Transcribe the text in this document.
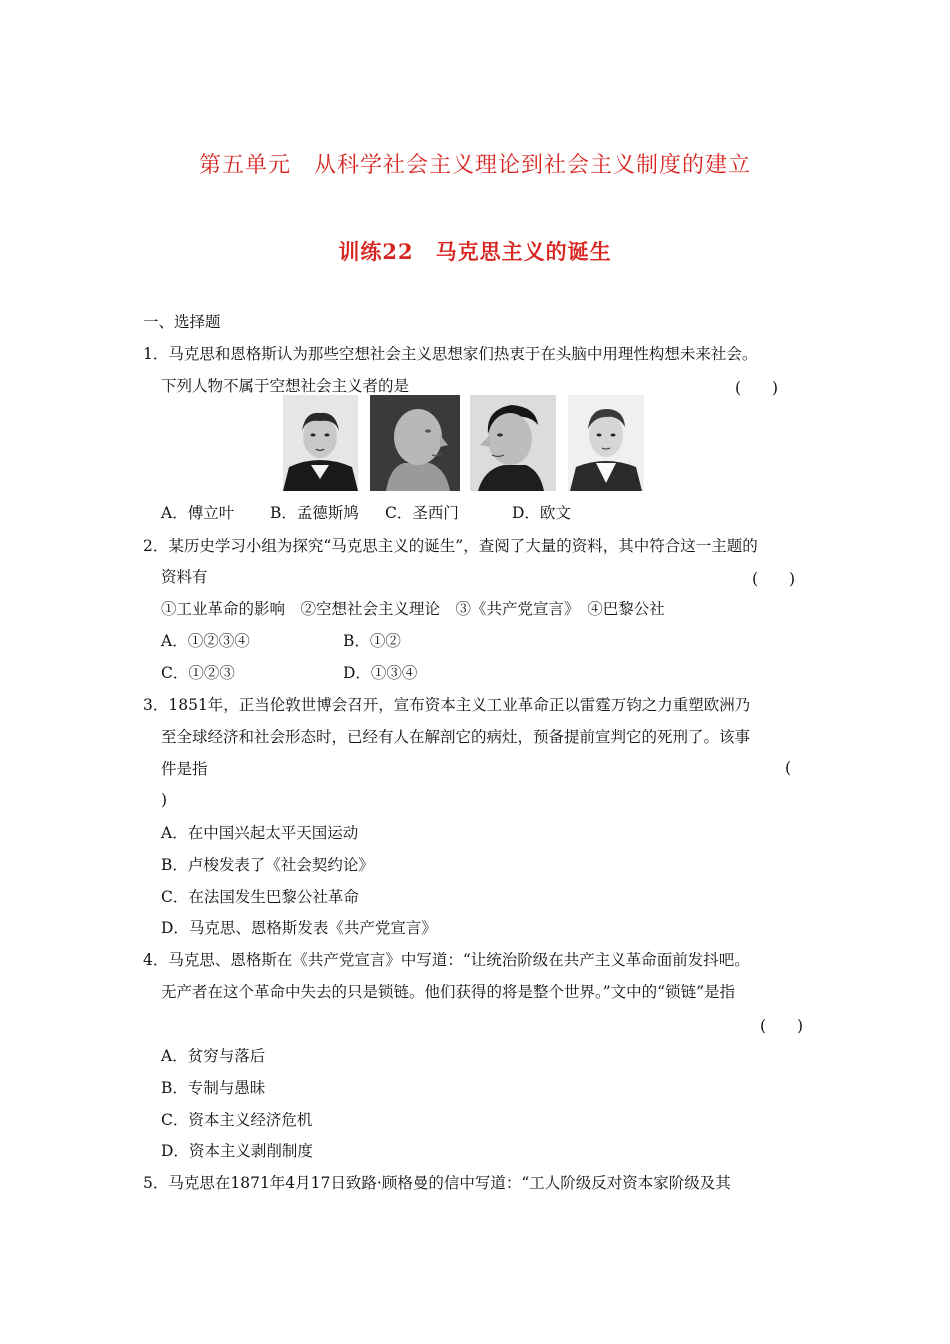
第五单元　从科学社会主义理论到社会主义制度的建立
训练22　马克思主义的诞生
一、选择题
1．马克思和恩格斯认为那些空想社会主义思想家们热衷于在头脑中用理性构想未来社会。
下列人物不属于空想社会主义者的是	(　　)
A．傅立叶 B．孟德斯鸠 C．圣西门	D．欧文
2．某历史学习小组为探究“马克思主义的诞生”，查阅了大量的资料，其中符合这一主题的
资料有	(　　)
①工业革命的影响　②空想社会主义理论　③《共产党宣言》　④巴黎公社
A．①②③④	B．①②
C．①②③	D．①③④
3．1851年，正当伦敦世博会召开，宣布资本主义工业革命正以雷霆万钧之力重塑欧洲乃
至全球经济和社会形态时，已经有人在解剖它的病灶，预备提前宣判它的死刑了。该事
件是指	(
)
A．在中国兴起太平天国运动
B．卢梭发表了《社会契约论》
C．在法国发生巴黎公社革命
D．马克思、恩格斯发表《共产党宣言》
4．马克思、恩格斯在《共产党宣言》中写道：“让统治阶级在共产主义革命面前发抖吧。
无产者在这个革命中失去的只是锁链。他们获得的将是整个世界。”文中的“锁链”是指
(　　)
A．贫穷与落后
B．专制与愚昧
C．资本主义经济危机
D．资本主义剥削制度
5．马克思在1871年4月17日致路·顾格曼的信中写道：“工人阶级反对资本家阶级及其
